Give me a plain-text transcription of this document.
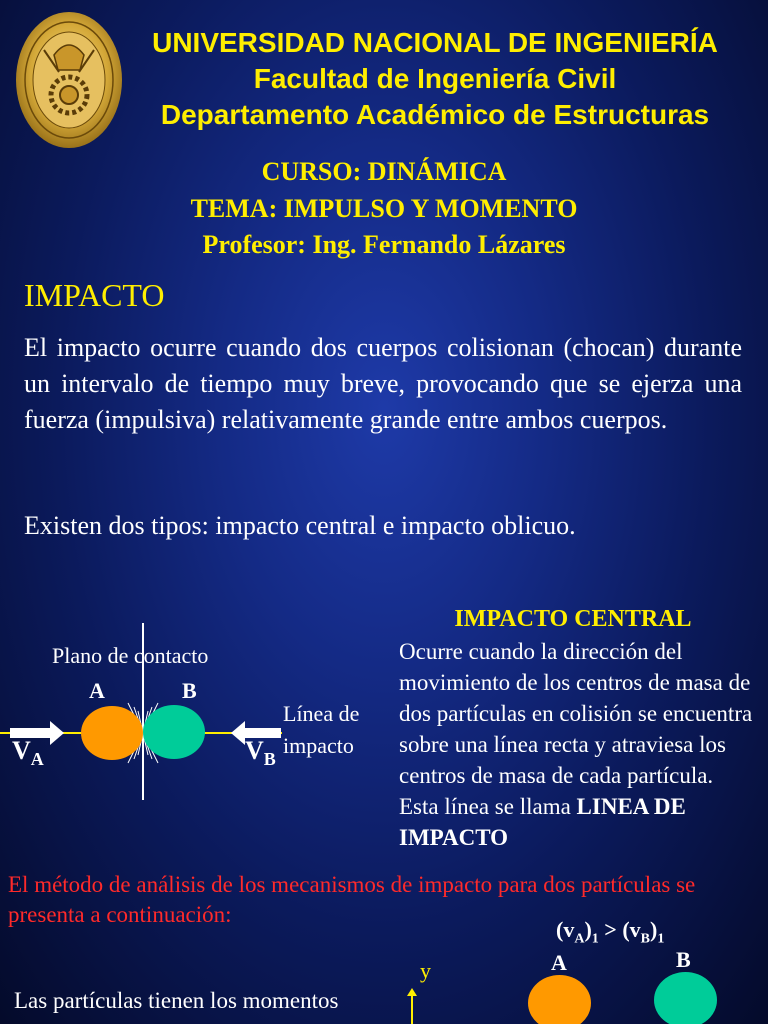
UNIVERSIDAD NACIONAL DE INGENIERÍA
Facultad de Ingeniería Civil
Departamento Académico de Estructuras
CURSO: DINÁMICA
TEMA: IMPULSO Y MOMENTO
Profesor: Ing. Fernando Lázares
IMPACTO
El impacto ocurre cuando dos cuerpos colisionan (chocan) durante un intervalo de tiempo muy breve, provocando que se ejerza una fuerza (impulsiva) relativamente grande entre ambos cuerpos.
Existen dos tipos: impacto central e impacto oblicuo.
Plano de contacto
A	B
Línea de
impacto
$V_A$	$V_B$
IMPACTO CENTRAL
Ocurre cuando la dirección del movimiento de los centros de masa de dos partículas en colisión se encuentra sobre una línea recta y atraviesa los centros de masa de cada partícula. Esta línea se llama LINEA DE IMPACTO
El método de análisis de los mecanismos de impacto para dos partículas se presenta a continuación:
$(v_A)_1 > (v_B)_1$
y	A	B
Las partículas tienen los momentos
